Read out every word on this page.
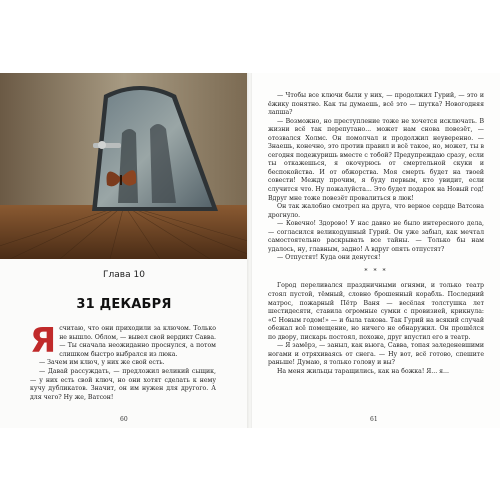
Глава 10
31 ДЕКАБРЯ
Я считаю, что они приходили за ключом. Только не вышло. Облом, — вывел свой вердикт Савва. — Ты сначала неожиданно проснулся, а потом слишком быстро выбрался из люка.

— Зачем им ключ, у них же свой есть.

— Давай рассуждать, — предложил великий сыщик, — у них есть свой ключ, но они хотят сделать к нему кучу дубликатов. Значит, он им нужен для другого. А для чего? Ну же, Ватсон!

60

— Чтобы все ключи были у них, — продолжил Гурий, — это и ёжику понятно. Как ты думаешь, всё это — шутка? Новогодняя лапша?

— Возможно, но преступление тоже не хочется исключать. В жизни всё так перепутано... может нам снова повезёт, — отозвался Холмс. Он помолчал и продолжил неуверенно. — Знаешь, конечно, это против правил и всё такое, но, может, ты в сегодня подежуришь вместе с тобой? Предупреждаю сразу, если ты откажешься, я окочурюсь от смертельной скуки и беспокойства. И от обжорства. Моя смерть будет на твоей совести! Между прочим, я буду первым, кто увидит, если случится что. Ну пожалуйста... Это будет подарок на Новый год! Вдруг мне тоже повезёт провалиться в люк!

Он так жалобно смотрел на друга, что верное сердце Ватсона дрогнуло.

— Ковечно! Здорово! У нас давно не было интересного дела, — согласился великодушный Гурий. Он уже забыл, как мечтал самостоятельно раскрывать все тайны. — Только бы нам удалось, ну, главным, задно! А вдруг опять отпустят?

— Отпустят! Куда они денутся!

* * *

Город переливался праздничными огнями, и только театр стоял пустой, тёмный, словно брошенный корабль. Последний матрос, пожарный Пётр Ваня — весёлая толстушка лет шестидесяти, ставила огромные сумки с провизией, крикнула: «С Новым годом!» — и была такова. Так Гурий на всякий случай обежал всё помещение, но ничего не обнаружил. Он прошёлся по двору, пискарь постоял, похоже, друг впустил его в театр.

— Я замёрз, — заныл, как вьюга, Савва, топая заледеневшими ногами и отряхиваясь от снега. — Ну вот, всё готово, спешите раньше! Думаю, я только голову и вы?

На меня жильцы таращились, как на божка! Я... я...

61
